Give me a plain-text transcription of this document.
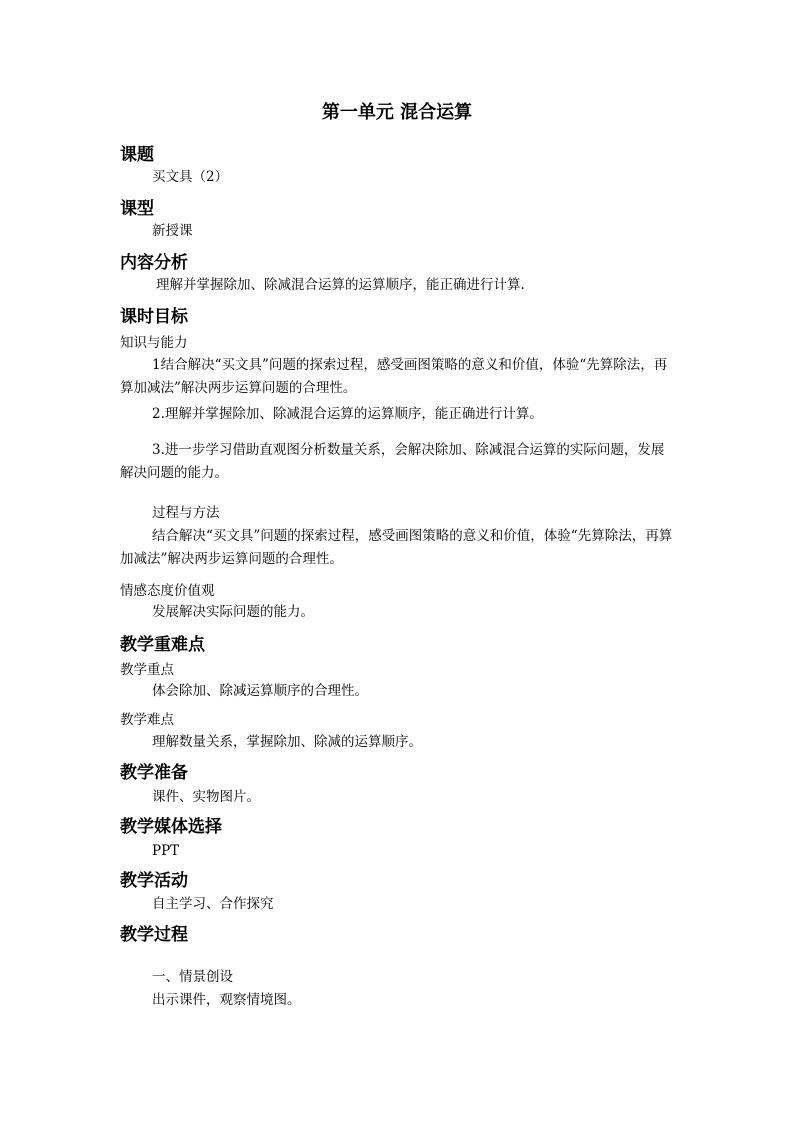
第一单元 混合运算
课题
买文具（2）
课型
新授课
内容分析
理解并掌握除加、除减混合运算的运算顺序，能正确进行计算.
课时目标
知识与能力
1结合解决“买文具”问题的探索过程，感受画图策略的意义和价值，体验“先算除法，再算加减法”解决两步运算问题的合理性。
2.理解并掌握除加、除减混合运算的运算顺序，能正确进行计算。
3.进一步学习借助直观图分析数量关系，会解决除加、除减混合运算的实际问题，发展解决问题的能力。
过程与方法
结合解决“买文具”问题的探索过程，感受画图策略的意义和价值，体验“先算除法，再算加减法”解决两步运算问题的合理性。
情感态度价值观
发展解决实际问题的能力。
教学重难点
教学重点
体会除加、除减运算顺序的合理性。
教学难点
理解数量关系，掌握除加、除减的运算顺序。
教学准备
课件、实物图片。
教学媒体选择
PPT
教学活动
自主学习、合作探究
教学过程
一、情景创设
出示课件，观察情境图。
